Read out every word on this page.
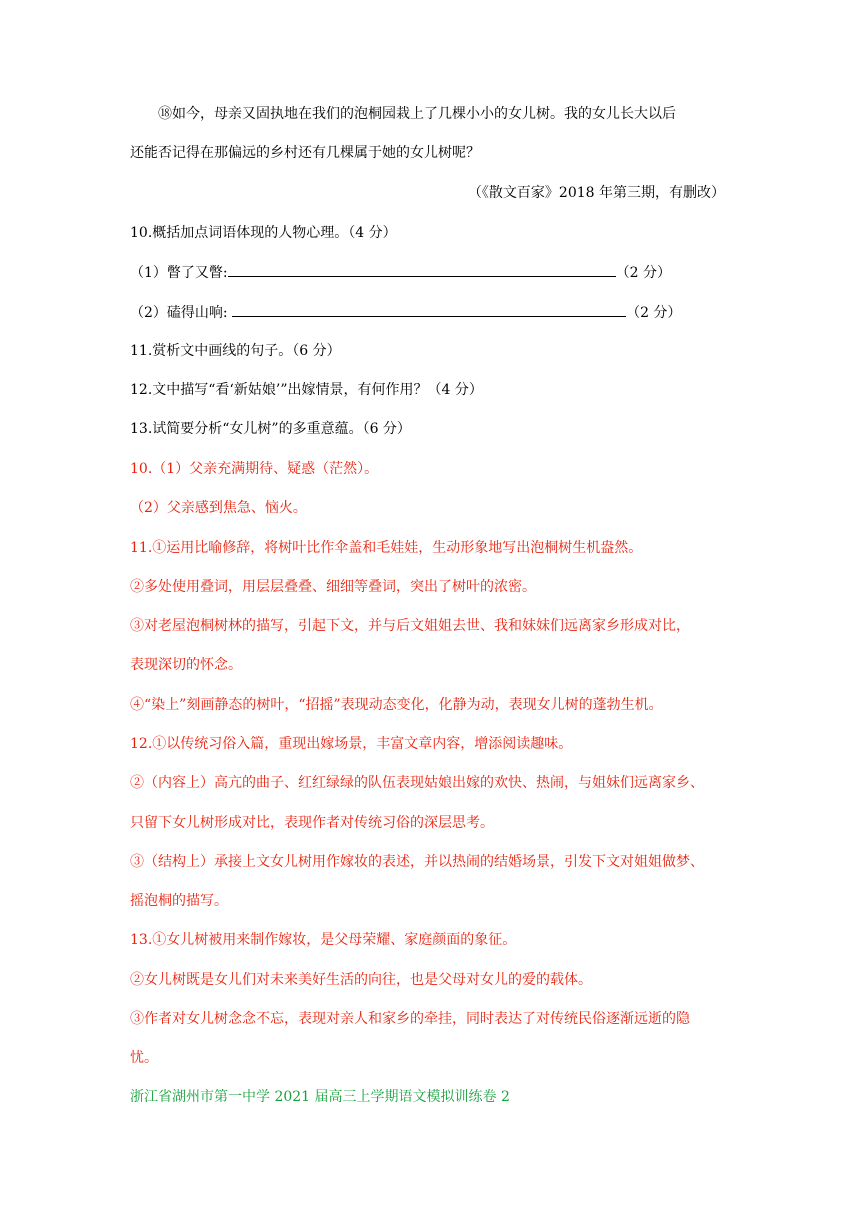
⑱如今，母亲又固执地在我们的泡桐园栽上了几棵小小的女儿树。我的女儿长大以后
还能否记得在那偏远的乡村还有几棵属于她的女儿树呢？
（《散文百家》2018 年第三期，有删改）
10.概括加点词语体现的人物心理。（4 分）
（1）瞥了又瞥:	（2 分）
（2）磕得山响:	（2 分）
11.赏析文中画线的句子。（6 分）
12.文中描写“看‘新姑娘’”出嫁情景，有何作用？（4 分）
13.试简要分析“女儿树”的多重意蕴。（6 分）
10.（1）父亲充满期待、疑惑（茫然）。
（2）父亲感到焦急、恼火。
11.①运用比喻修辞，将树叶比作伞盖和毛娃娃，生动形象地写出泡桐树生机盎然。
②多处使用叠词，用层层叠叠、细细等叠词，突出了树叶的浓密。
③对老屋泡桐树林的描写，引起下文，并与后文姐姐去世、我和妹妹们远离家乡形成对比，
表现深切的怀念。
④“染上”刻画静态的树叶，“招摇”表现动态变化，化静为动，表现女儿树的蓬勃生机。
12.①以传统习俗入篇，重现出嫁场景，丰富文章内容，增添阅读趣味。
②（内容上）高亢的曲子、红红绿绿的队伍表现姑娘出嫁的欢快、热闹，与姐妹们远离家乡、
只留下女儿树形成对比，表现作者对传统习俗的深层思考。
③（结构上）承接上文女儿树用作嫁妆的表述，并以热闹的结婚场景，引发下文对姐姐做梦、
摇泡桐的描写。
13.①女儿树被用来制作嫁妆，是父母荣耀、家庭颜面的象征。
②女儿树既是女儿们对未来美好生活的向往，也是父母对女儿的爱的载体。
③作者对女儿树念念不忘，表现对亲人和家乡的牵挂，同时表达了对传统民俗逐渐远逝的隐
忧。
浙江省湖州市第一中学 2021 届高三上学期语文模拟训练卷 2
